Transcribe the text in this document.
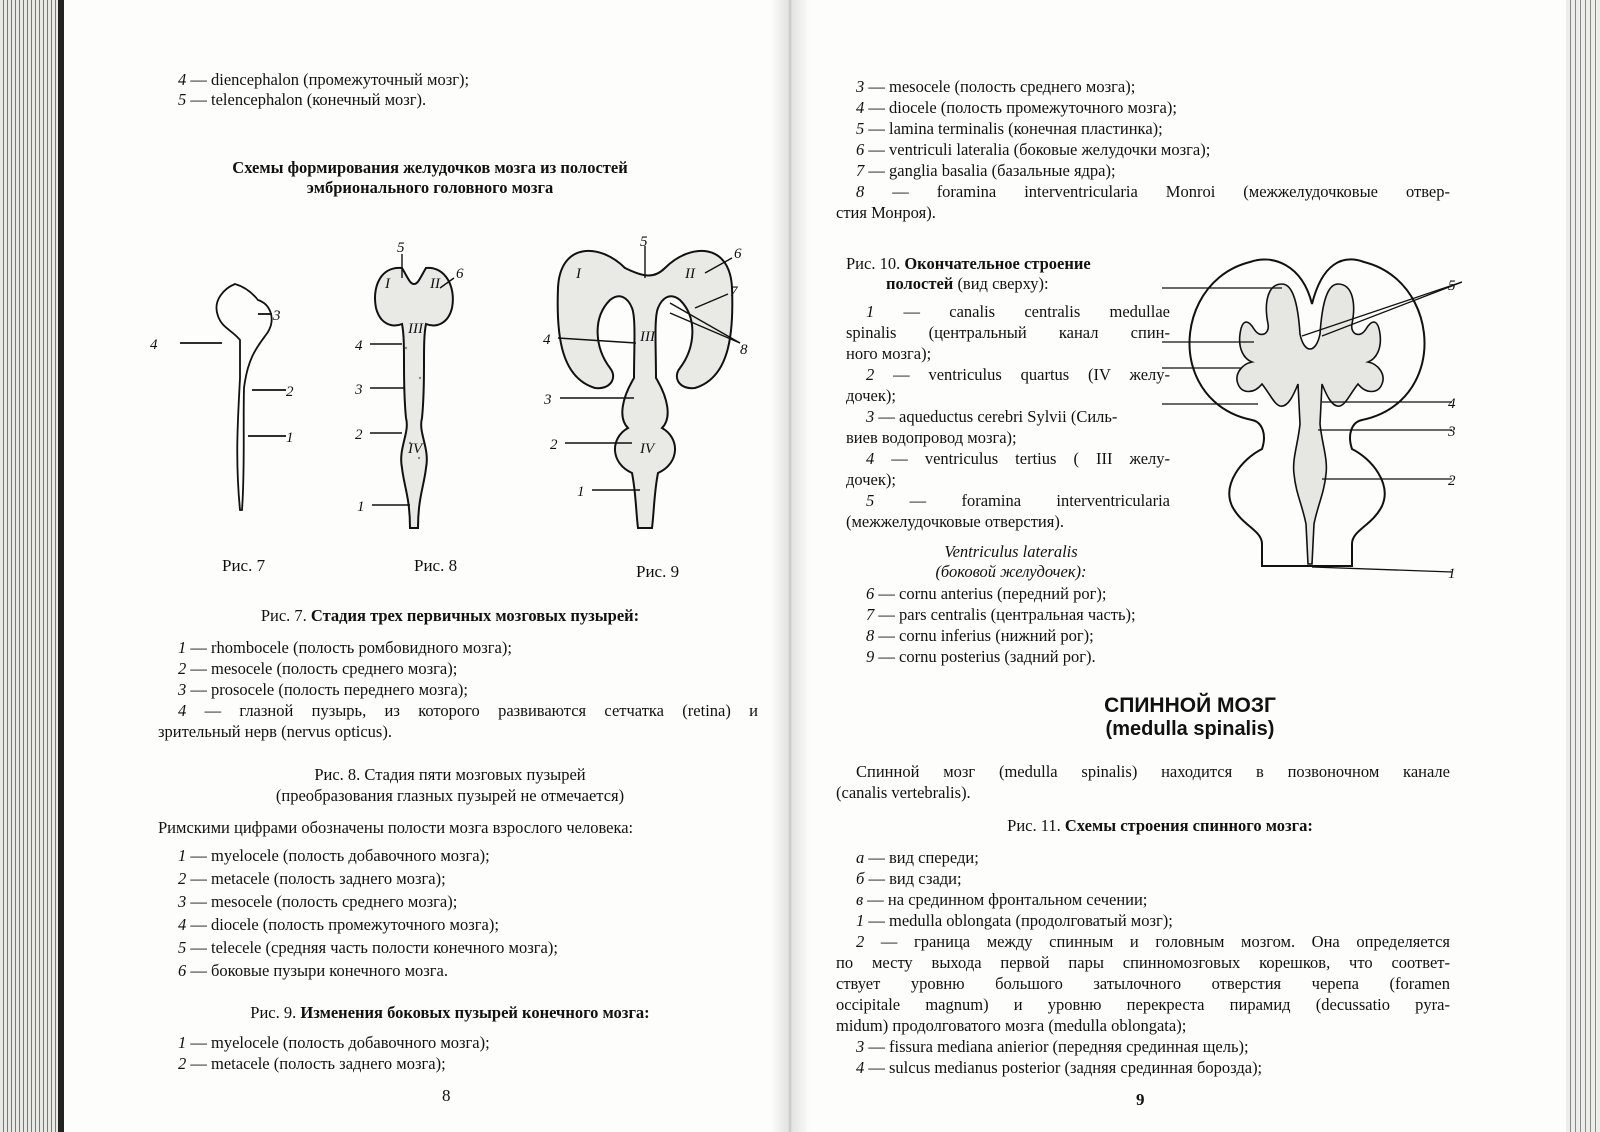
4 — diencephalon (промежуточный мозг);
5 — telencephalon (конечный мозг).
Схемы формирования желудочков мозга из полостей
эмбрионального головного мозга
3
4
2
1
5
6
4
3
2
1
I	II
III
IV
5
6
7
8
4
3
2
1
I	II
III
IV
Рис. 7	Рис. 8	Рис. 9
Рис. 7. Стадия трех первичных мозговых пузырей:
1 — rhombocele (полость ромбовидного мозга);
2 — mesocele (полость среднего мозга);
3 — prosocele (полость переднего мозга);
4 — глазной пузырь, из которого развиваются сетчатка (retina) и
зрительный нерв (nervus opticus).
Рис. 8. Стадия пяти мозговых пузырей
(преобразования глазных пузырей не отмечается)
Римскими цифрами обозначены полости мозга взрослого человека:
1 — myelocele (полость добавочного мозга);
2 — metacele (полость заднего мозга);
3 — mesocele (полость среднего мозга);
4 — diocele (полость промежуточного мозга);
5 — telecele (средняя часть полости конечного мозга);
6 — боковые пузыри конечного мозга.
Рис. 9. Изменения боковых пузырей конечного мозга:
1 — myelocele (полость добавочного мозга);
2 — metacele (полость заднего мозга);
8
3 — mesocele (полость среднего мозга);
4 — diocele (полость промежуточного мозга);
5 — lamina terminalis (конечная пластинка);
6 — ventriculi lateralia (боковые желудочки мозга);
7 — ganglia basalia (базальные ядра);
8 — foramina interventricularia Monroi (межжелудочковые отвер-
стия Монроя).
Рис. 10. Окончательное строение
полостей (вид сверху):
1 — canalis centralis medullae
spinalis (центральный канал спин-
ного мозга);
2 — ventriculus quartus (IV желу-
дочек);
3 — aqueductus cerebri Sylvii (Силь-
виев водопровод мозга);
4 — ventriculus tertius ( III желу-
дочек);
5 — foramina interventricularia
(межжелудочковые отверстия).
Ventriculus lateralis
(боковой желудочек):
6 — cornu anterius (передний рог);
7 — pars centralis (центральная часть);
8 — cornu inferius (нижний рог);
9 — cornu posterius (задний рог).
5
4
3
2
1
СПИННОЙ МОЗГ
(medulla spinalis)
Спинной мозг (medulla spinalis) находится в позвоночном канале
(canalis vertebralis).
Рис. 11. Схемы строения спинного мозга:
а — вид спереди;
б — вид сзади;
в — на срединном фронтальном сечении;
1 — medulla oblongata (продолговатый мозг);
2 — граница между спинным и головным мозгом. Она определяется
по месту выхода первой пары спинномозговых корешков, что соответ-
ствует уровню большого затылочного отверстия черепа (foramen
occipitale magnum) и уровню перекреста пирамид (decussatio pyra-
midum) продолговатого мозга (medulla oblongata);
3 — fissura mediana anierior (передняя срединная щель);
4 — sulcus medianus posterior (задняя срединная борозда);
9
